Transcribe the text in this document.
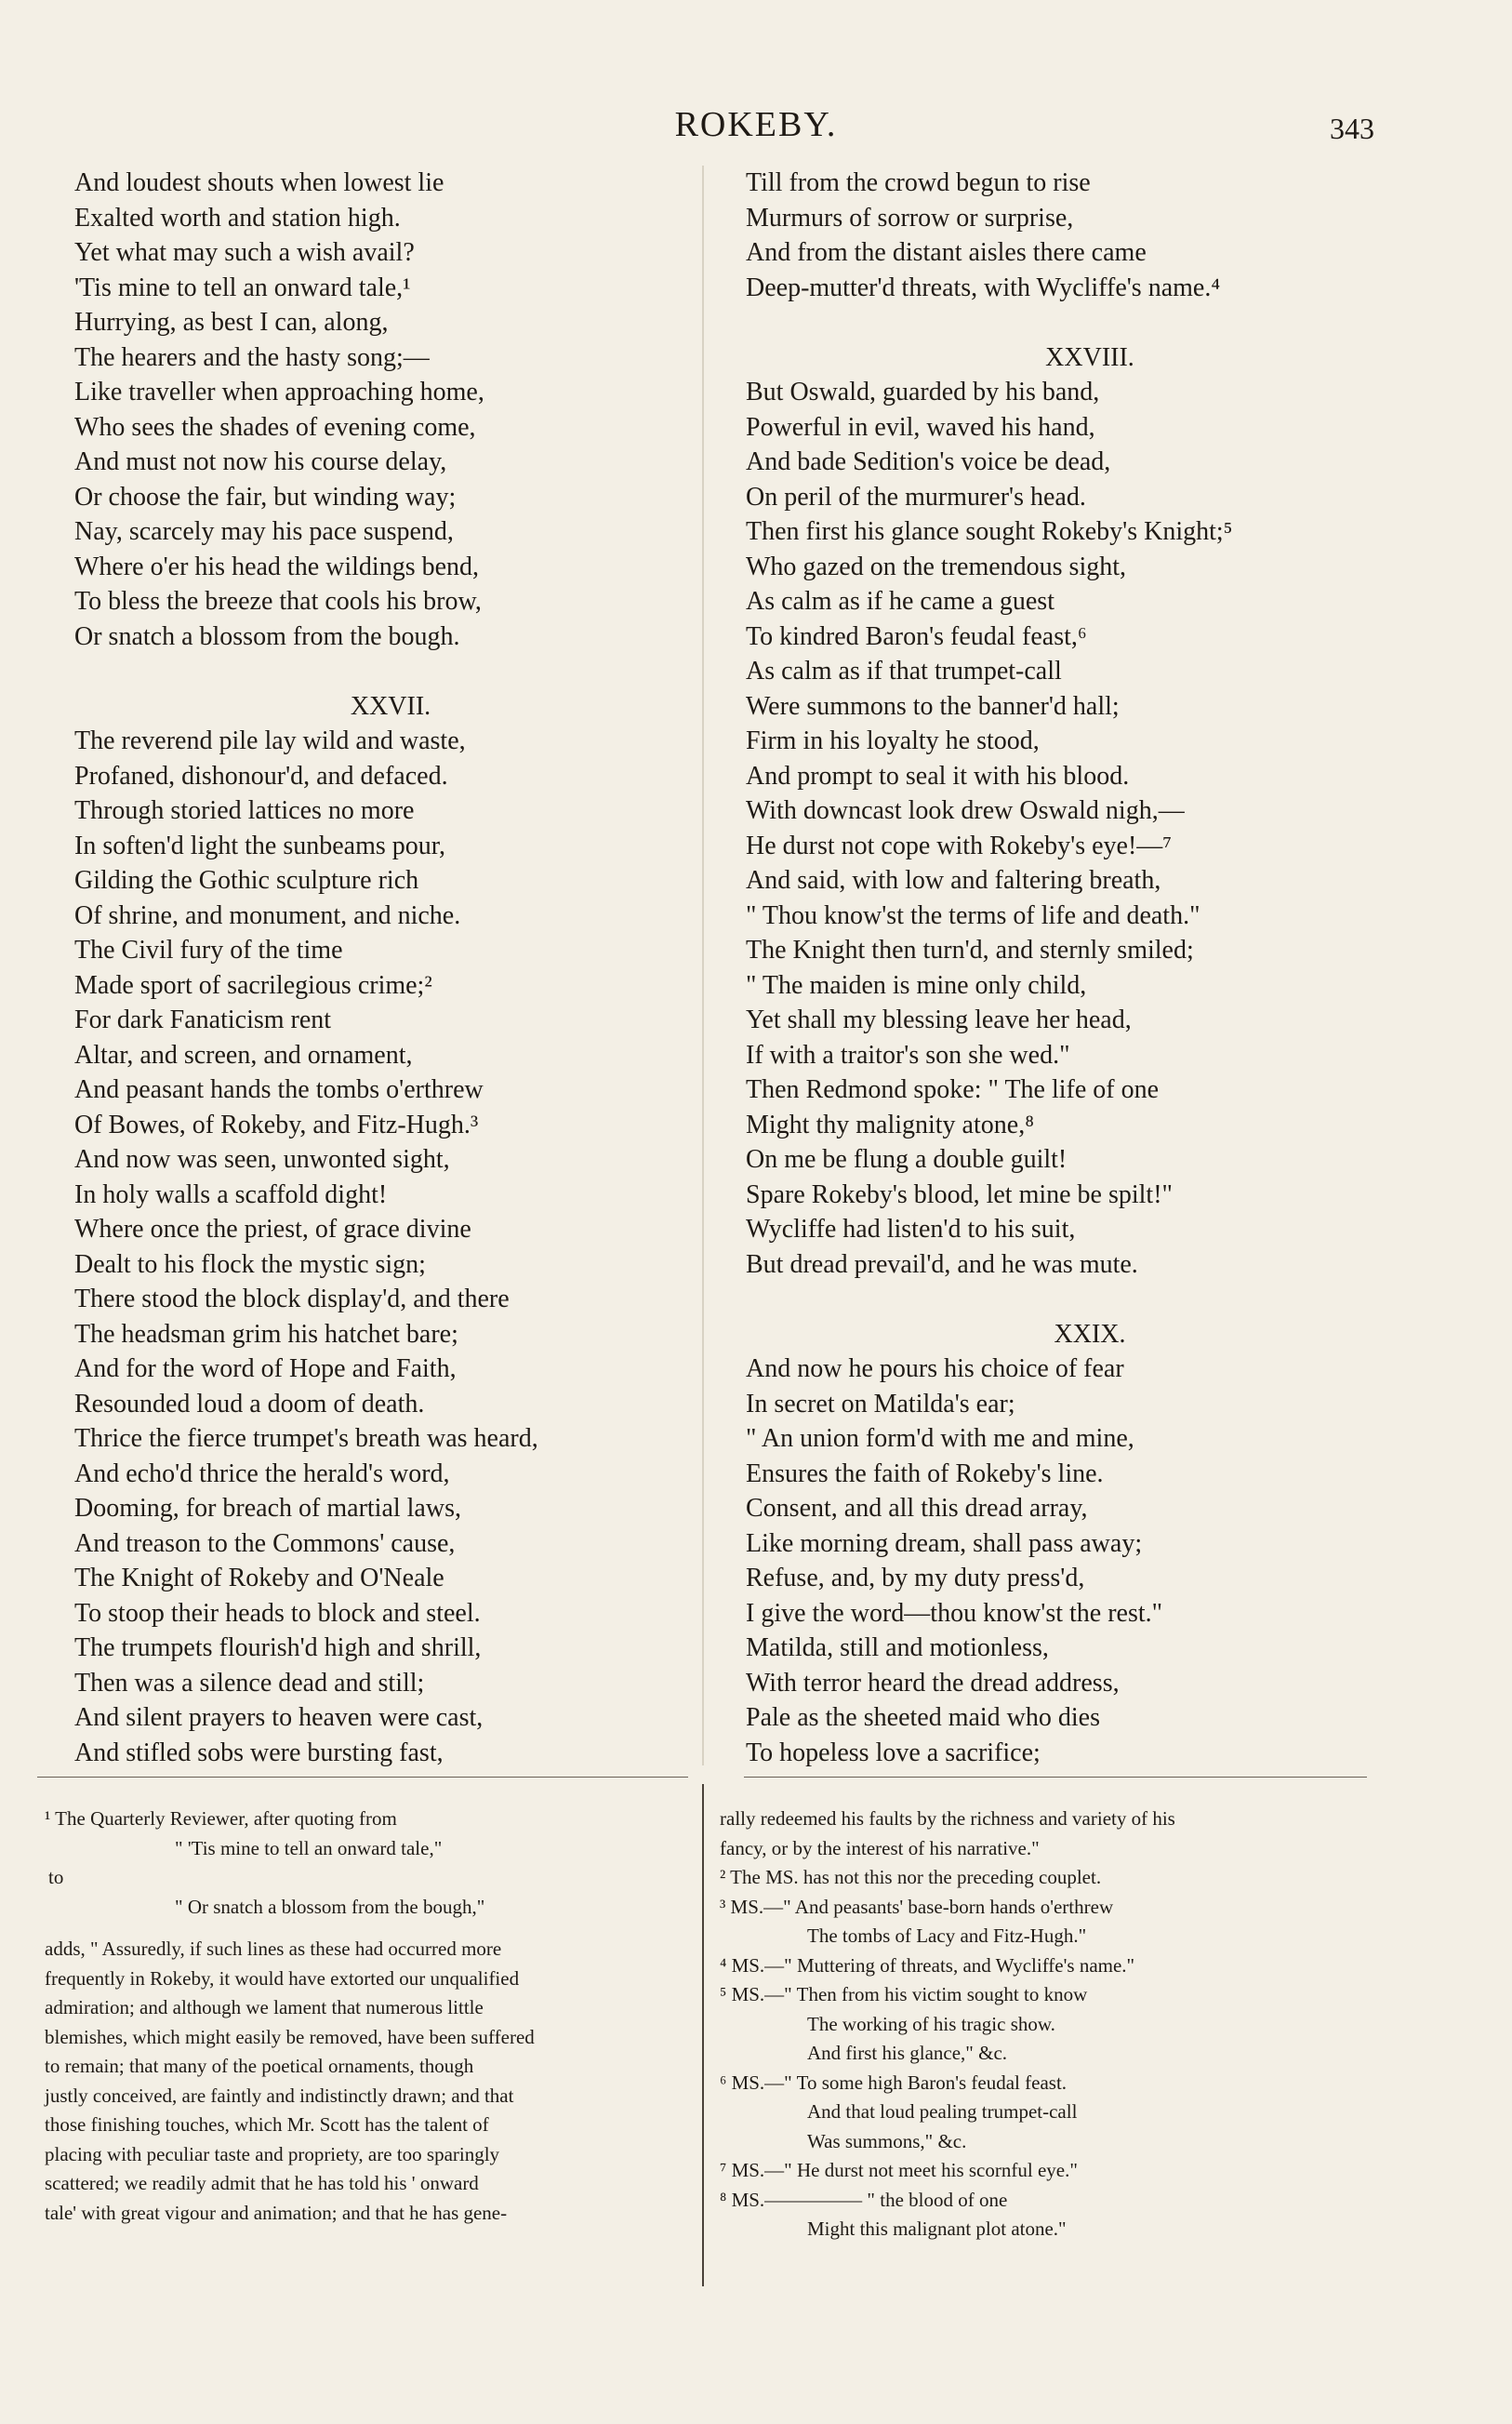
ROKEBY.	343
And loudest shouts when lowest lie
Exalted worth and station high.
Yet what may such a wish avail?
'Tis mine to tell an onward tale,¹
Hurrying, as best I can, along,
The hearers and the hasty song;—
Like traveller when approaching home,
Who sees the shades of evening come,
And must not now his course delay,
Or choose the fair, but winding way;
Nay, scarcely may his pace suspend,
Where o'er his head the wildings bend,
To bless the breeze that cools his brow,
Or snatch a blossom from the bough.
XXVII.
The reverend pile lay wild and waste,
Profaned, dishonour'd, and defaced.
Through storied lattices no more
In soften'd light the sunbeams pour,
Gilding the Gothic sculpture rich
Of shrine, and monument, and niche.
The Civil fury of the time
Made sport of sacrilegious crime;²
For dark Fanaticism rent
Altar, and screen, and ornament,
And peasant hands the tombs o'erthrew
Of Bowes, of Rokeby, and Fitz-Hugh.³
And now was seen, unwonted sight,
In holy walls a scaffold dight!
Where once the priest, of grace divine
Dealt to his flock the mystic sign;
There stood the block display'd, and there
The headsman grim his hatchet bare;
And for the word of Hope and Faith,
Resounded loud a doom of death.
Thrice the fierce trumpet's breath was heard,
And echo'd thrice the herald's word,
Dooming, for breach of martial laws,
And treason to the Commons' cause,
The Knight of Rokeby and O'Neale
To stoop their heads to block and steel.
The trumpets flourish'd high and shrill,
Then was a silence dead and still;
And silent prayers to heaven were cast,
And stifled sobs were bursting fast,
Till from the crowd begun to rise
Murmurs of sorrow or surprise,
And from the distant aisles there came
Deep-mutter'd threats, with Wycliffe's name.⁴
XXVIII.
But Oswald, guarded by his band,
Powerful in evil, waved his hand,
And bade Sedition's voice be dead,
On peril of the murmurer's head.
Then first his glance sought Rokeby's Knight;⁵
Who gazed on the tremendous sight,
As calm as if he came a guest
To kindred Baron's feudal feast,⁶
As calm as if that trumpet-call
Were summons to the banner'd hall;
Firm in his loyalty he stood,
And prompt to seal it with his blood.
With downcast look drew Oswald nigh,—
He durst not cope with Rokeby's eye!—⁷
And said, with low and faltering breath,
" Thou know'st the terms of life and death."
The Knight then turn'd, and sternly smiled;
" The maiden is mine only child,
Yet shall my blessing leave her head,
If with a traitor's son she wed."
Then Redmond spoke: " The life of one
Might thy malignity atone,⁸
On me be flung a double guilt!
Spare Rokeby's blood, let mine be spilt!"
Wycliffe had listen'd to his suit,
But dread prevail'd, and he was mute.
XXIX.
And now he pours his choice of fear
In secret on Matilda's ear;
" An union form'd with me and mine,
Ensures the faith of Rokeby's line.
Consent, and all this dread array,
Like morning dream, shall pass away;
Refuse, and, by my duty press'd,
I give the word—thou know'st the rest."
Matilda, still and motionless,
With terror heard the dread address,
Pale as the sheeted maid who dies
To hopeless love a sacrifice;
¹ The Quarterly Reviewer, after quoting from
" 'Tis mine to tell an onward tale,"
to
" Or snatch a blossom from the bough,"
adds, " Assuredly, if such lines as these had occurred more
frequently in Rokeby, it would have extorted our unqualified
admiration; and although we lament that numerous little
blemishes, which might easily be removed, have been suffered
to remain; that many of the poetical ornaments, though
justly conceived, are faintly and indistinctly drawn; and that
those finishing touches, which Mr. Scott has the talent of
placing with peculiar taste and propriety, are too sparingly
scattered; we readily admit that he has told his ' onward
tale' with great vigour and animation; and that he has gene-
rally redeemed his faults by the richness and variety of his
fancy, or by the interest of his narrative."
² The MS. has not this nor the preceding couplet.
³ MS.—" And peasants' base-born hands o'erthrew
The tombs of Lacy and Fitz-Hugh."
⁴ MS.—" Muttering of threats, and Wycliffe's name."
⁵ MS.—" Then from his victim sought to know
The working of his tragic show.
And first his glance," &c.
⁶ MS.—" To some high Baron's feudal feast.
And that loud pealing trumpet-call
Was summons," &c.
⁷ MS.—" He durst not meet his scornful eye."
⁸ MS.————— " the blood of one
Might this malignant plot atone."
